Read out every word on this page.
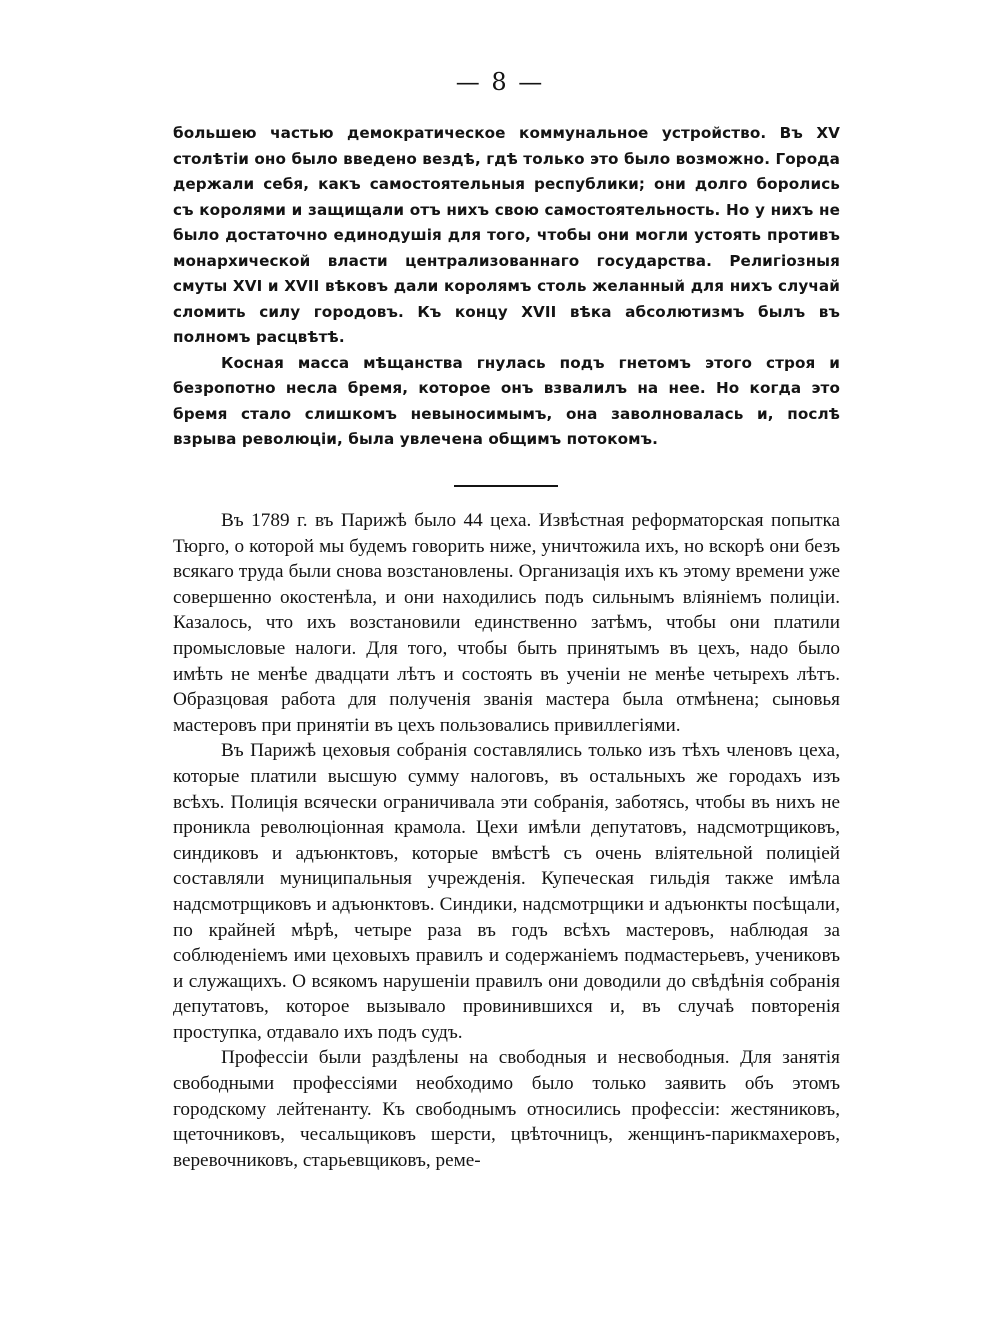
— 8 —

большею частью демократическое коммунальное устройство. Въ XV столѣтіи оно было введено вездѣ, гдѣ только это было возможно. Города держали себя, какъ самостоятельныя республики; они долго боролись съ королями и защищали отъ нихъ свою самостоятельность. Но у нихъ не было достаточно единодушія для того, чтобы они могли устоять противъ монархической власти централизованнаго государства. Религіозныя смуты XVI и XVII вѣковъ дали королямъ столь желанный для нихъ случай сломить силу городовъ. Къ концу XVII вѣка абсолютизмъ былъ въ полномъ расцвѣтѣ.

Косная масса мѣщанства гнулась подъ гнетомъ этого строя и безропотно несла бремя, которое онъ взвалилъ на нее. Но когда это бремя стало слишкомъ невыносимымъ, она заволновалась и, послѣ взрыва революціи, была увлечена общимъ потокомъ.

Въ 1789 г. въ Парижѣ было 44 цеха. Извѣстная реформаторская попытка Тюрго, о которой мы будемъ говорить ниже, уничтожила ихъ, но вскорѣ они безъ всякаго труда были снова возстановлены. Организація ихъ къ этому времени уже совершенно окостенѣла, и они находились подъ сильнымъ вліяніемъ полиціи. Казалось, что ихъ возстановили единственно затѣмъ, чтобы они платили промысловые налоги. Для того, чтобы быть принятымъ въ цехъ, надо было имѣть не менѣе двадцати лѣтъ и состоять въ ученіи не менѣе четырехъ лѣтъ. Образцовая работа для полученія званія мастера была отмѣнена; сыновья мастеровъ при принятіи въ цехъ пользовались привиллегіями.

Въ Парижѣ цеховыя собранія составлялись только изъ тѣхъ членовъ цеха, которые платили высшую сумму налоговъ, въ остальныхъ же городахъ изъ всѣхъ. Полиція всячески ограничивала эти собранія, заботясь, чтобы въ нихъ не проникла революціонная крамола. Цехи имѣли депутатовъ, надсмотрщиковъ, синдиковъ и адъюнктовъ, которые вмѣстѣ съ очень вліятельной полиціей составляли муниципальныя учрежденія. Купеческая гильдія также имѣла надсмотрщиковъ и адъюнктовъ. Синдики, надсмотрщики и адъюнкты посѣщали, по крайней мѣрѣ, четыре раза въ годъ всѣхъ мастеровъ, наблюдая за соблюденіемъ ими цеховыхъ правилъ и содержаніемъ подмастерьевъ, учениковъ и служащихъ. О всякомъ нарушеніи правилъ они доводили до свѣдѣнія собранія депутатовъ, которое вызывало провинившихся и, въ случаѣ повторенія проступка, отдавало ихъ подъ судъ.

Профессіи были раздѣлены на свободныя и несвободныя. Для занятія свободными профессіями необходимо было только заявить объ этомъ городскому лейтенанту. Къ свободнымъ относились профессіи: жестяниковъ, щеточниковъ, чесальщиковъ шерсти, цвѣточницъ, женщинъ-парикмахеровъ, веревочниковъ, старьевщиковъ, реме-
